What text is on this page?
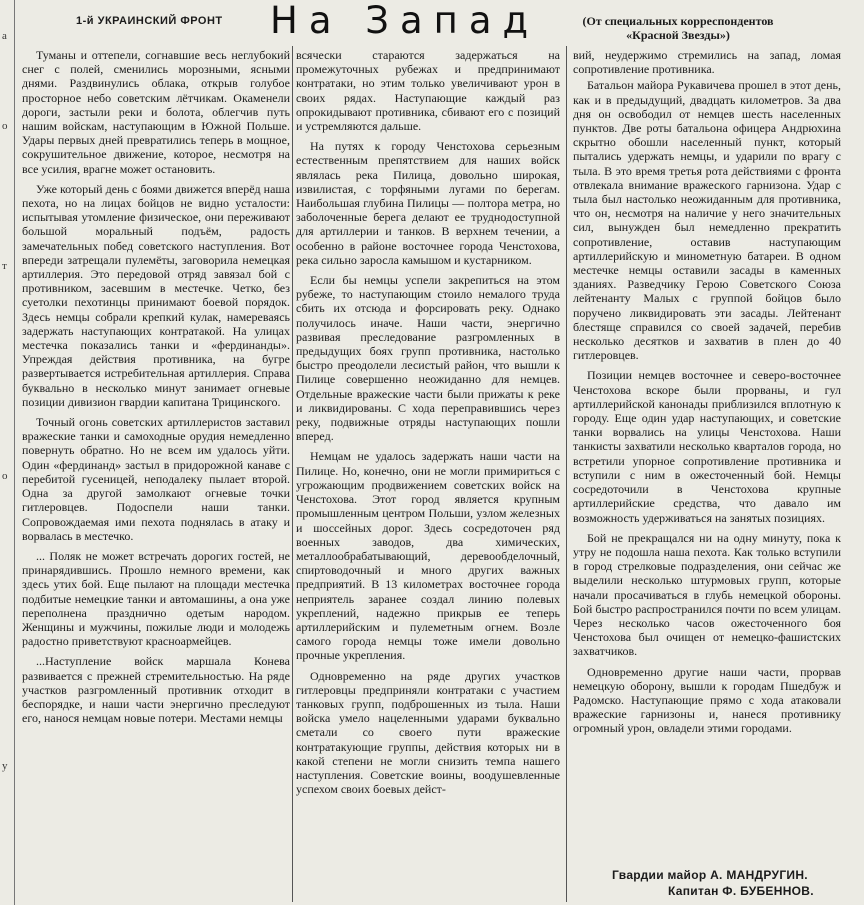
а
о
т
о
у
1-й УКРАИНСКИЙ ФРОНТ На Запад	(От специальных корреспондентов «Красной Звезды»)

Туманы и оттепели, согнавшие весь неглубокий снег с полей, сменились морозными, ясными днями. Раздвинулись облака, открыв голубое просторное небо советским лётчикам. Окаменели дороги, застыли реки и болота, облегчив путь нашим войскам, наступающим в Южной Польше. Удары первых дней превратились теперь в мощное, сокрушительное движение, которое, несмотря на все усилия, врагне может остановить.

Уже который день с боями движется вперёд наша пехота, но на лицах бойцов не видно усталости: испытывая утомление физическое, они переживают большой моральный подъём, радость замечательных побед советского наступления. Вот впереди затрещали пулемёты, заговорила немецкая артиллерия. Это передовой отряд завязал бой с противником, засевшим в местечке. Четко, без суетолки пехотинцы принимают боевой порядок. Здесь немцы собрали крепкий кулак, намереваясь задержать наступающих контратакой. На улицах местечка показались танки и «фердинанды». Упреждая действия противника, на бугре развертывается истребительная артиллерия. Справа буквально в несколько минут занимает огневые позиции дивизион гвардии капитана Трицинского.

Точный огонь советских артиллеристов заставил вражеские танки и самоходные орудия немедленно повернуть обратно. Но не всем им удалось уйти. Один «фердинанд» застыл в придорожной канаве с перебитой гусеницей, неподалеку пылает второй. Одна за другой замолкают огневые точки гитлеровцев. Подоспели наши танки. Сопровождаемая ими пехота поднялась в атаку и ворвалась в местечко.

... Поляк не может встречать дорогих гостей, не принарядившись. Прошло немного времени, как здесь утих бой. Еще пылают на площади местечка подбитые немецкие танки и автомашины, а она уже переполнена празднично одетым народом. Женщины и мужчины, пожилые люди и молодежь радостно приветствуют красноармейцев.

...Наступление войск маршала Конева развивается с прежней стремительностью. На ряде участков разгромленный противник отходит в беспорядке, и наши части энергично преследуют его, нанося немцам новые потери. Местами немцы

всячески стараются задержаться на промежуточных рубежах и предпринимают контратаки, но этим только увеличивают урон в своих рядах. Наступающие каждый раз опрокидывают противника, сбивают его с позиций и устремляются дальше.

На путях к городу Ченстохова серьезным естественным препятствием для наших войск являлась река Пилица, довольно широкая, извилистая, с торфяными лугами по берегам. Наибольшая глубина Пилицы — полтора метра, но заболоченные берега делают ее труднодоступной для артиллерии и танков. В верхнем течении, а особенно в районе восточнее города Ченстохова, река сильно заросла камышом и кустарником.

Если бы немцы успели закрепиться на этом рубеже, то наступающим стоило немалого труда сбить их отсюда и форсировать реку. Однако получилось иначе. Наши части, энергично развивая преследование разгромленных в предыдущих боях групп противника, настолько быстро преодолели лесистый район, что вышли к Пилице совершенно неожиданно для немцев. Отдельные вражеские части были прижаты к реке и ликвидированы. С хода переправившись через реку, подвижные отряды наступающих пошли вперед.

Немцам не удалось задержать наши части на Пилице. Но, конечно, они не могли примириться с угрожающим продвижением советских войск на Ченстохова. Этот город является крупным промышленным центром Польши, узлом железных и шоссейных дорог. Здесь сосредоточен ряд военных заводов, два химических, металлообрабатывающий, деревообделочный, спиртоводочный и много других важных предприятий. В 13 километрах восточнее города неприятель заранее создал линию полевых укреплений, надежно прикрыв ее теперь артиллерийским и пулеметным огнем. Возле самого города немцы тоже имели довольно прочные укрепления.

Одновременно на ряде других участков гитлеровцы предприняли контратаки с участием танковых групп, подброшенных из тыла. Наши войска умело нацеленными ударами буквально сметали со своего пути вражеские контратакующие группы, действия которых ни в какой степени не могли снизить темпа нашего наступления. Советские воины, воодушевленные успехом своих боевых дейст-

вий, неудержимо стремились на запад, ломая сопротивление противника.

Батальон майора Рукавичева прошел в этот день, как и в предыдущий, двадцать километров. За два дня он освободил от немцев шесть населенных пунктов. Две роты батальона офицера Андрюхина скрытно обошли населенный пункт, который пытались удержать немцы, и ударили по врагу с тыла. В это время третья рота действиями с фронта отвлекала внимание вражеского гарнизона. Удар с тыла был настолько неожиданным для противника, что он, несмотря на наличие у него значительных сил, вынужден был немедленно прекратить сопротивление, оставив наступающим артиллерийскую и минометную батареи. В одном местечке немцы оставили засады в каменных зданиях. Разведчику Герою Советского Союза лейтенанту Малых с группой бойцов было поручено ликвидировать эти засады. Лейтенант блестяще справился со своей задачей, перебив несколько десятков и захватив в плен до 40 гитлеровцев.

Позиции немцев восточнее и северо-восточнее Ченстохова вскоре были прорваны, и гул артиллерийской канонады приблизился вплотную к городу. Еще один удар наступающих, и советские танки ворвались на улицы Ченстохова. Наши танкисты захватили несколько кварталов города, но встретили упорное сопротивление противника и вступили с ним в ожесточенный бой. Немцы сосредоточили в Ченстохова крупные артиллерийские средства, что давало им возможность удерживаться на занятых позициях.

Бой не прекращался ни на одну минуту, пока к утру не подошла наша пехота. Как только вступили в город стрелковые подразделения, они сейчас же выделили несколько штурмовых групп, которые начали просачиваться в глубь немецкой обороны. Бой быстро распространился почти по всем улицам. Через несколько часов ожесточенного боя Ченстохова был очищен от немецко-фашистских захватчиков.

Одновременно другие наши части, прорвав немецкую оборону, вышли к городам Пшедбуж и Радомско. Наступающие прямо с хода атаковали вражеские гарнизоны и, нанеся противнику огромный урон, овладели этими городами.

Гвардии майор А. МАНДРУГИН.
Капитан Ф. БУБЕННОВ.
